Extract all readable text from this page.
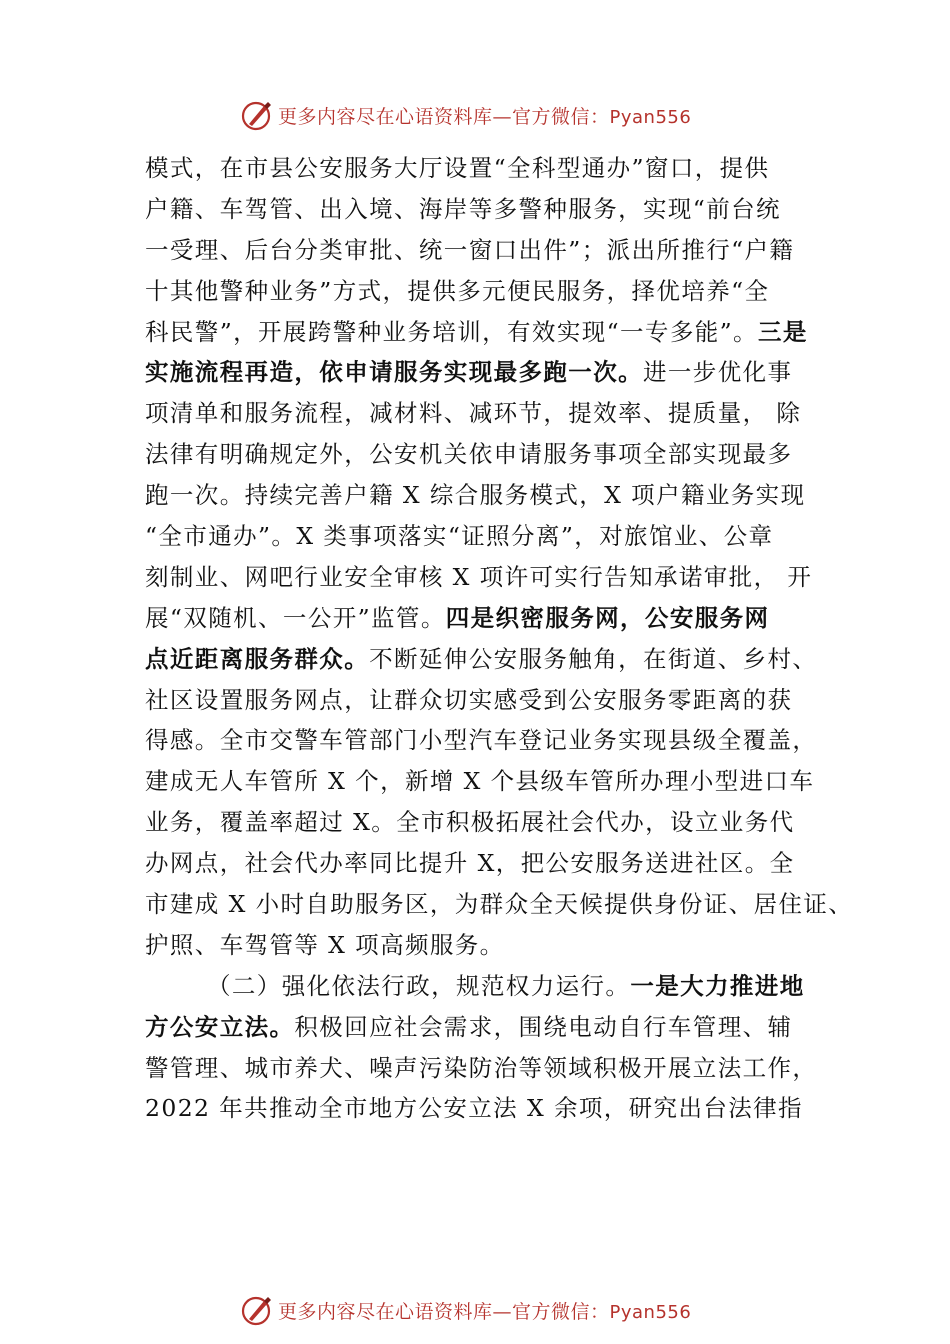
更多内容尽在心语资料库—官方微信：Pyan556
模式，在市县公安服务大厅设置“全科型通办”窗口，提供
户籍、车驾管、出入境、海岸等多警种服务，实现“前台统
一受理、后台分类审批、统一窗口出件”；派出所推行“户籍
十其他警种业务”方式，提供多元便民服务，择优培养“全
科民警”，开展跨警种业务培训，有效实现“一专多能”。三是
实施流程再造，依申请服务实现最多跑一次。进一步优化事
项清单和服务流程，减材料、减环节，提效率、提质量， 除
法律有明确规定外，公安机关依申请服务事项全部实现最多
跑一次。持续完善户籍 X 综合服务模式，X 项户籍业务实现
“全市通办”。X 类事项落实“证照分离”，对旅馆业、公章
刻制业、网吧行业安全审核 X 项许可实行告知承诺审批， 开
展“双随机、一公开”监管。四是织密服务网，公安服务网
点近距离服务群众。不断延伸公安服务触角，在街道、乡村、
社区设置服务网点，让群众切实感受到公安服务零距离的获
得感。全市交警车管部门小型汽车登记业务实现县级全覆盖，
建成无人车管所 X 个，新增 X 个县级车管所办理小型进口车
业务，覆盖率超过 X。全市积极拓展社会代办，设立业务代
办网点，社会代办率同比提升 X，把公安服务送进社区。全
市建成 X 小时自助服务区，为群众全天候提供身份证、居住证、
护照、车驾管等 X 项高频服务。
（二）强化依法行政，规范权力运行。一是大力推进地
方公安立法。积极回应社会需求，围绕电动自行车管理、辅
警管理、城市养犬、噪声污染防治等领域积极开展立法工作，
2022 年共推动全市地方公安立法 X 余项，研究出台法律指
更多内容尽在心语资料库—官方微信：Pyan556
